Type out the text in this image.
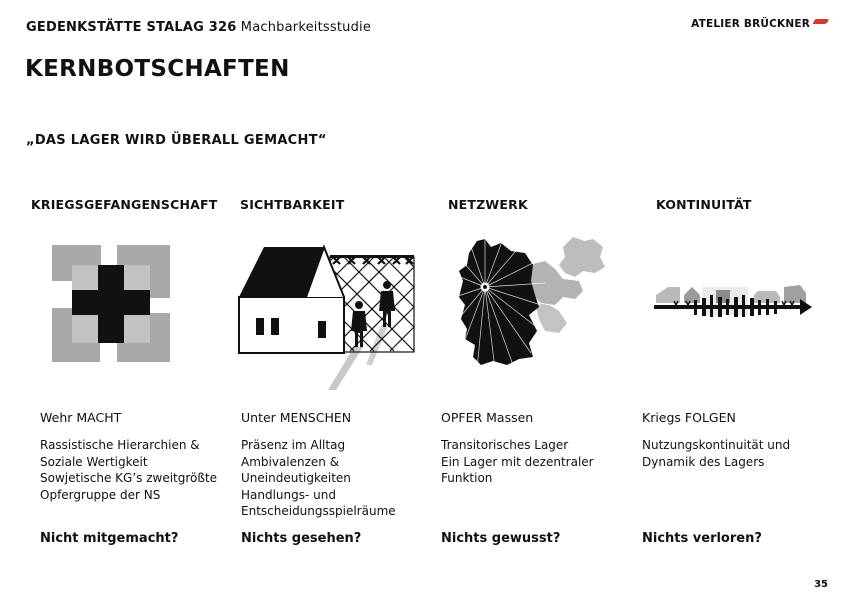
GEDENKSTÄTTE STALAG 326 Machbarkeitsstudie	ATELIER BRÜCKNER
KERNBOTSCHAFTEN
„DAS LAGER WIRD ÜBERALL GEMACHT“
KRIEGSGEFANGENSCHAFT
Wehr MACHT
Rassistische Hierarchien &
Soziale Wertigkeit
Sowjetische KG’s zweitgrößte
Opfergruppe der NS
Nicht mitgemacht?
SICHTBARKEIT
Unter MENSCHEN
Präsenz im Alltag
Ambivalenzen &
Uneindeutigkeiten
Handlungs- und
Entscheidungsspielräume
Nichts gesehen?
NETZWERK
OPFER Massen
Transitorisches Lager
Ein Lager mit dezentraler
Funktion
Nichts gewusst?
KONTINUITÄT
Kriegs FOLGEN
Nutzungskontinuität und
Dynamik des Lagers
Nichts verloren?
35
